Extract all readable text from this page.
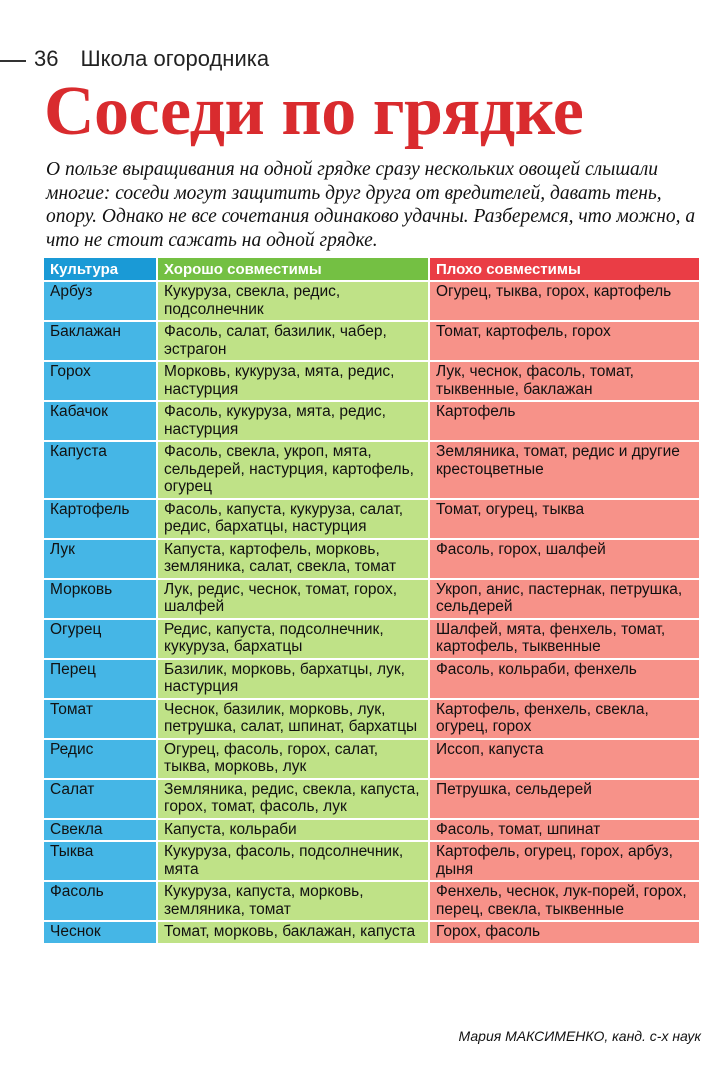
36 Школа огородника
Соседи по грядке

О пользе выращивания на одной грядке сразу нескольких овощей слышали многие: соседи могут защитить друг друга от вредителей, давать тень, опору. Однако не все сочетания одинаково удачны. Разберемся, что можно, а что не стоит сажать на одной грядке.

Культура	Хорошо совместимы	Плохо совместимы
Арбуз	Кукуруза, свекла, редис, подсолнечник	Огурец, тыква, горох, картофель
Баклажан	Фасоль, салат, базилик, чабер, эстрагон	Томат, картофель, горох
Горох	Морковь, кукуруза, мята, редис, настурция	Лук, чеснок, фасоль, томат, тыквенные, баклажан
Кабачок	Фасоль, кукуруза, мята, редис, настурция	Картофель
Капуста	Фасоль, свекла, укроп, мята, сельдерей, настурция, картофель, огурец	Земляника, томат, редис и другие крестоцветные
Картофель	Фасоль, капуста, кукуруза, салат, редис, бархатцы, настурция	Томат, огурец, тыква
Лук	Капуста, картофель, морковь, земляника, салат, свекла, томат	Фасоль, горох, шалфей
Морковь	Лук, редис, чеснок, томат, горох, шалфей	Укроп, анис, пастернак, петрушка, сельдерей
Огурец	Редис, капуста, подсолнечник, кукуруза, бархатцы	Шалфей, мята, фенхель, томат, картофель, тыквенные
Перец	Базилик, морковь, бархатцы, лук, настурция	Фасоль, кольраби, фенхель
Томат	Чеснок, базилик, морковь, лук, петрушка, салат, шпинат, бархатцы	Картофель, фенхель, свекла, огурец, горох
Редис	Огурец, фасоль, горох, салат, тыква, морковь, лук	Иссоп, капуста
Салат	Земляника, редис, свекла, капуста, горох, томат, фасоль, лук	Петрушка, сельдерей
Свекла	Капуста, кольраби	Фасоль, томат, шпинат
Тыква	Кукуруза, фасоль, подсолнечник, мята	Картофель, огурец, горох, арбуз, дыня
Фасоль	Кукуруза, капуста, морковь, земляника, томат	Фенхель, чеснок, лук-порей, горох, перец, свекла, тыквенные
Чеснок	Томат, морковь, баклажан, капуста	Горох, фасоль
Мария МАКСИМЕНКО, канд. с-х наук
